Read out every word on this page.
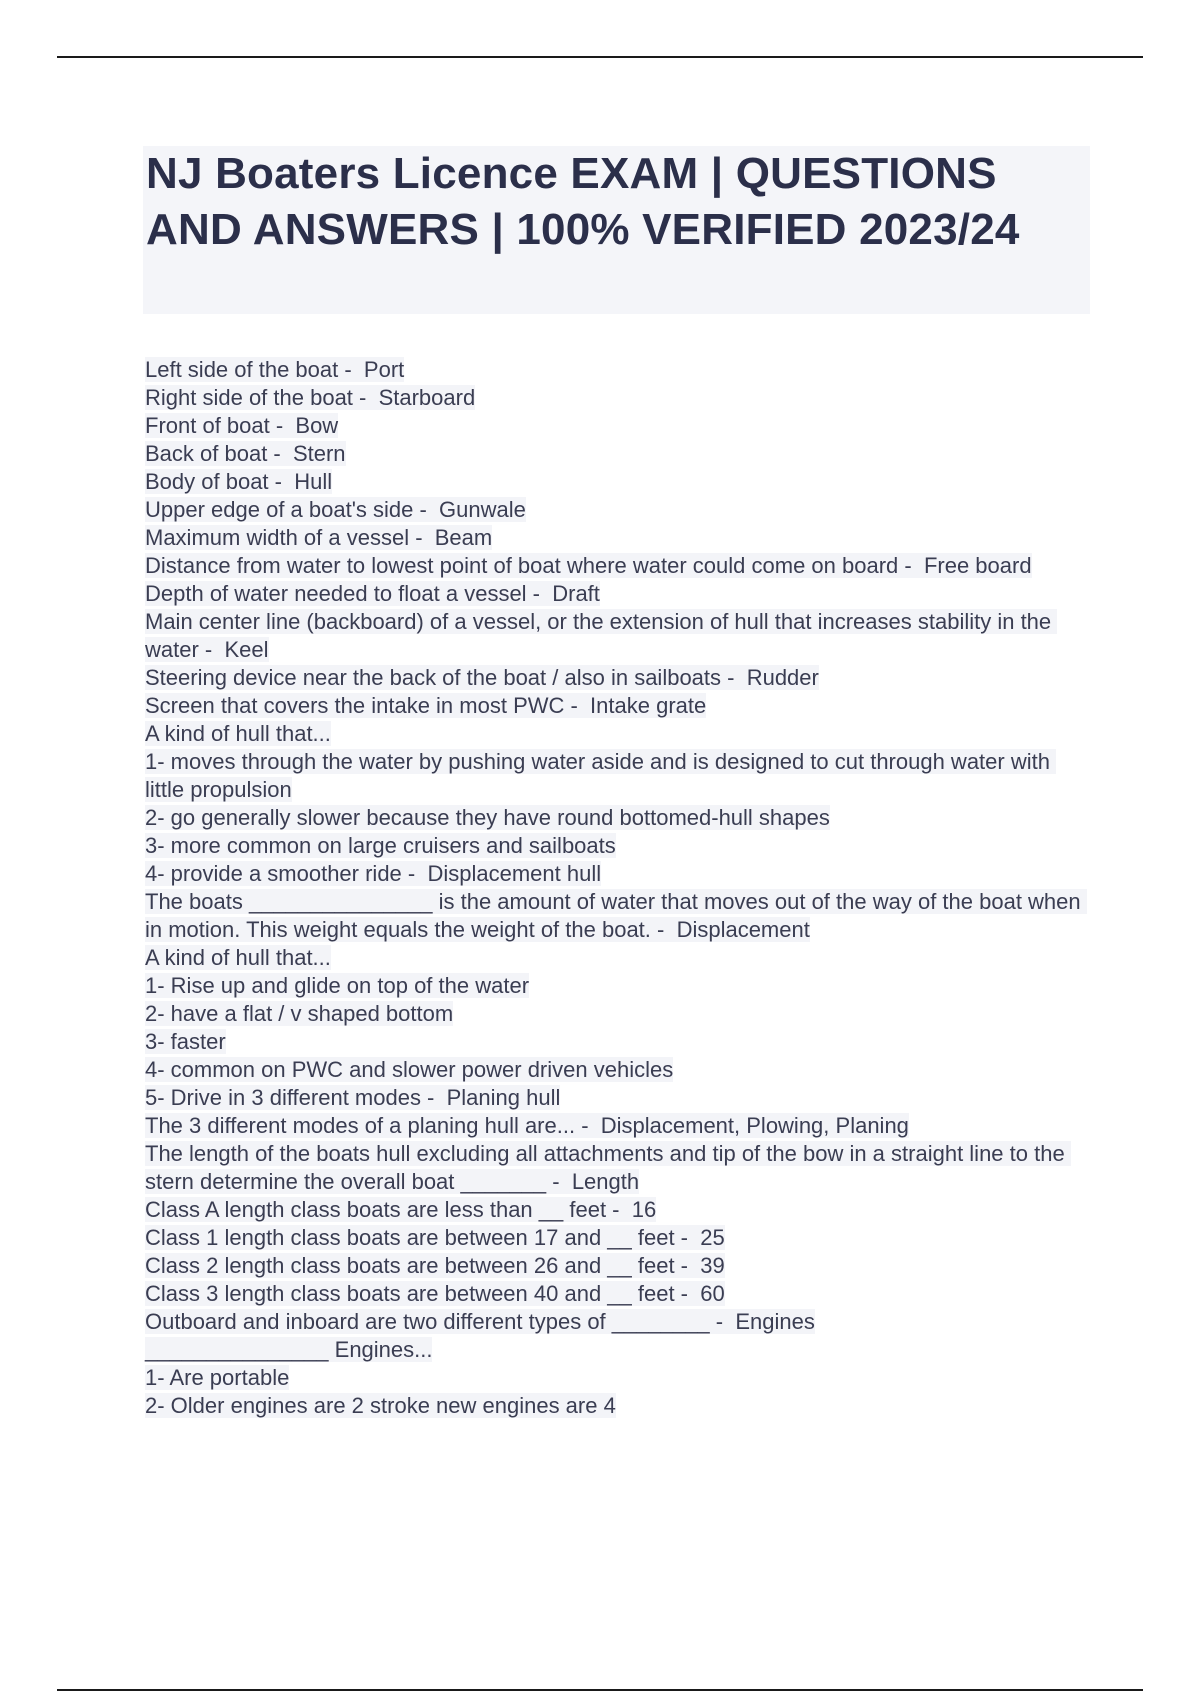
NJ Boaters Licence EXAM | QUESTIONS AND ANSWERS | 100% VERIFIED 2023/24

Left side of the boat -  Port

Right side of the boat -  Starboard

Front of boat -  Bow

Back of boat -  Stern

Body of boat -  Hull

Upper edge of a boat's side -  Gunwale

Maximum width of a vessel -  Beam

Distance from water to lowest point of boat where water could come on board -  Free board

Depth of water needed to float a vessel -  Draft

Main center line (backboard) of a vessel, or the extension of hull that increases stability in the water -  Keel

Steering device near the back of the boat / also in sailboats -  Rudder

Screen that covers the intake in most PWC -  Intake grate

A kind of hull that...

1- moves through the water by pushing water aside and is designed to cut through water with little propulsion

2- go generally slower because they have round bottomed-hull shapes

3- more common on large cruisers and sailboats

4- provide a smoother ride -  Displacement hull

The boats _______________ is the amount of water that moves out of the way of the boat when in motion. This weight equals the weight of the boat. -  Displacement

A kind of hull that...

1- Rise up and glide on top of the water

2- have a flat / v shaped bottom

3- faster

4- common on PWC and slower power driven vehicles

5- Drive in 3 different modes -  Planing hull

The 3 different modes of a planing hull are... -  Displacement, Plowing, Planing

The length of the boats hull excluding all attachments and tip of the bow in a straight line to the stern determine the overall boat _______ -  Length

Class A length class boats are less than __ feet -  16

Class 1 length class boats are between 17 and __ feet -  25

Class 2 length class boats are between 26 and __ feet -  39

Class 3 length class boats are between 40 and __ feet -  60

Outboard and inboard are two different types of ________ -  Engines

_______________ Engines...

1- Are portable

2- Older engines are 2 stroke new engines are 4
